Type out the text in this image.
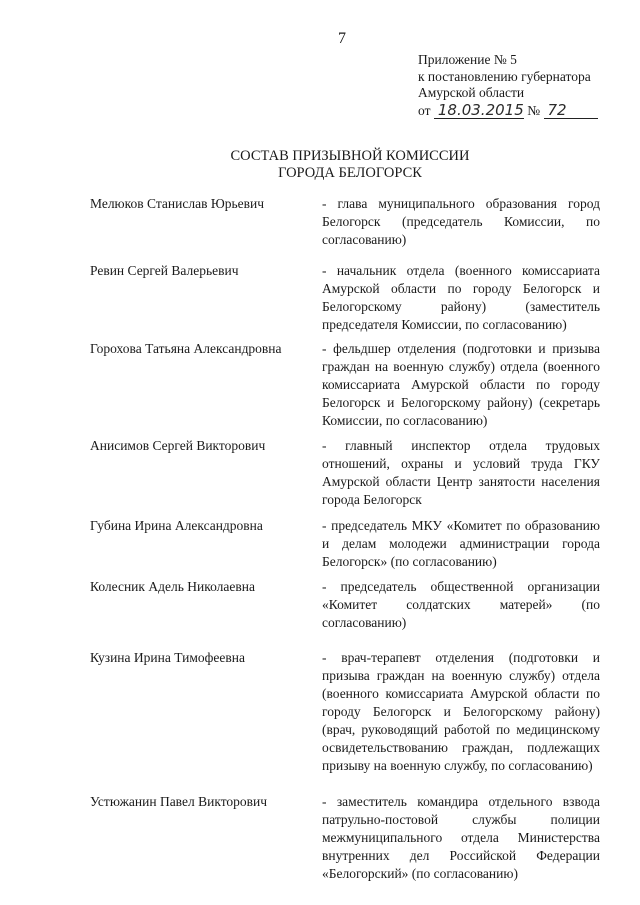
7
Приложение № 5
к постановлению губернатора
Амурской области
от 18.03.2015 № 72
СОСТАВ ПРИЗЫВНОЙ КОМИССИИ
ГОРОДА БЕЛОГОРСК
Мелюков Станислав Юрьевич	- глава муниципального образования город Белогорск (председатель Комиссии, по согласованию)
Ревин Сергей Валерьевич	- начальник отдела (военного комиссариата Амурской области по городу Белогорск и Белогорскому району) (заместитель председателя Комиссии, по согласованию)
Горохова Татьяна Александровна	- фельдшер отделения (подготовки и призыва граждан на военную службу) отдела (военного комиссариата Амурской области по городу Белогорск и Белогорскому району) (секретарь Комиссии, по согласованию)
Анисимов Сергей Викторович	- главный инспектор отдела трудовых отношений, охраны и условий труда ГКУ Амурской области Центр занятости населения города Белогорск
Губина Ирина Александровна	- председатель МКУ «Комитет по образованию и делам молодежи администрации города Белогорск» (по согласованию)
Колесник Адель Николаевна	- председатель общественной организации «Комитет солдатских матерей» (по согласованию)
Кузина Ирина Тимофеевна	- врач-терапевт отделения (подготовки и призыва граждан на военную службу) отдела (военного комиссариата Амурской области по городу Белогорск и Белогорскому району) (врач, руководящий работой по медицинскому освидетельствованию граждан, подлежащих призыву на военную службу, по согласованию)
Устюжанин Павел Викторович	- заместитель командира отдельного взвода патрульно-постовой службы полиции межмуниципального отдела Министерства внутренних дел Российской Федерации «Белогорский» (по согласованию)
